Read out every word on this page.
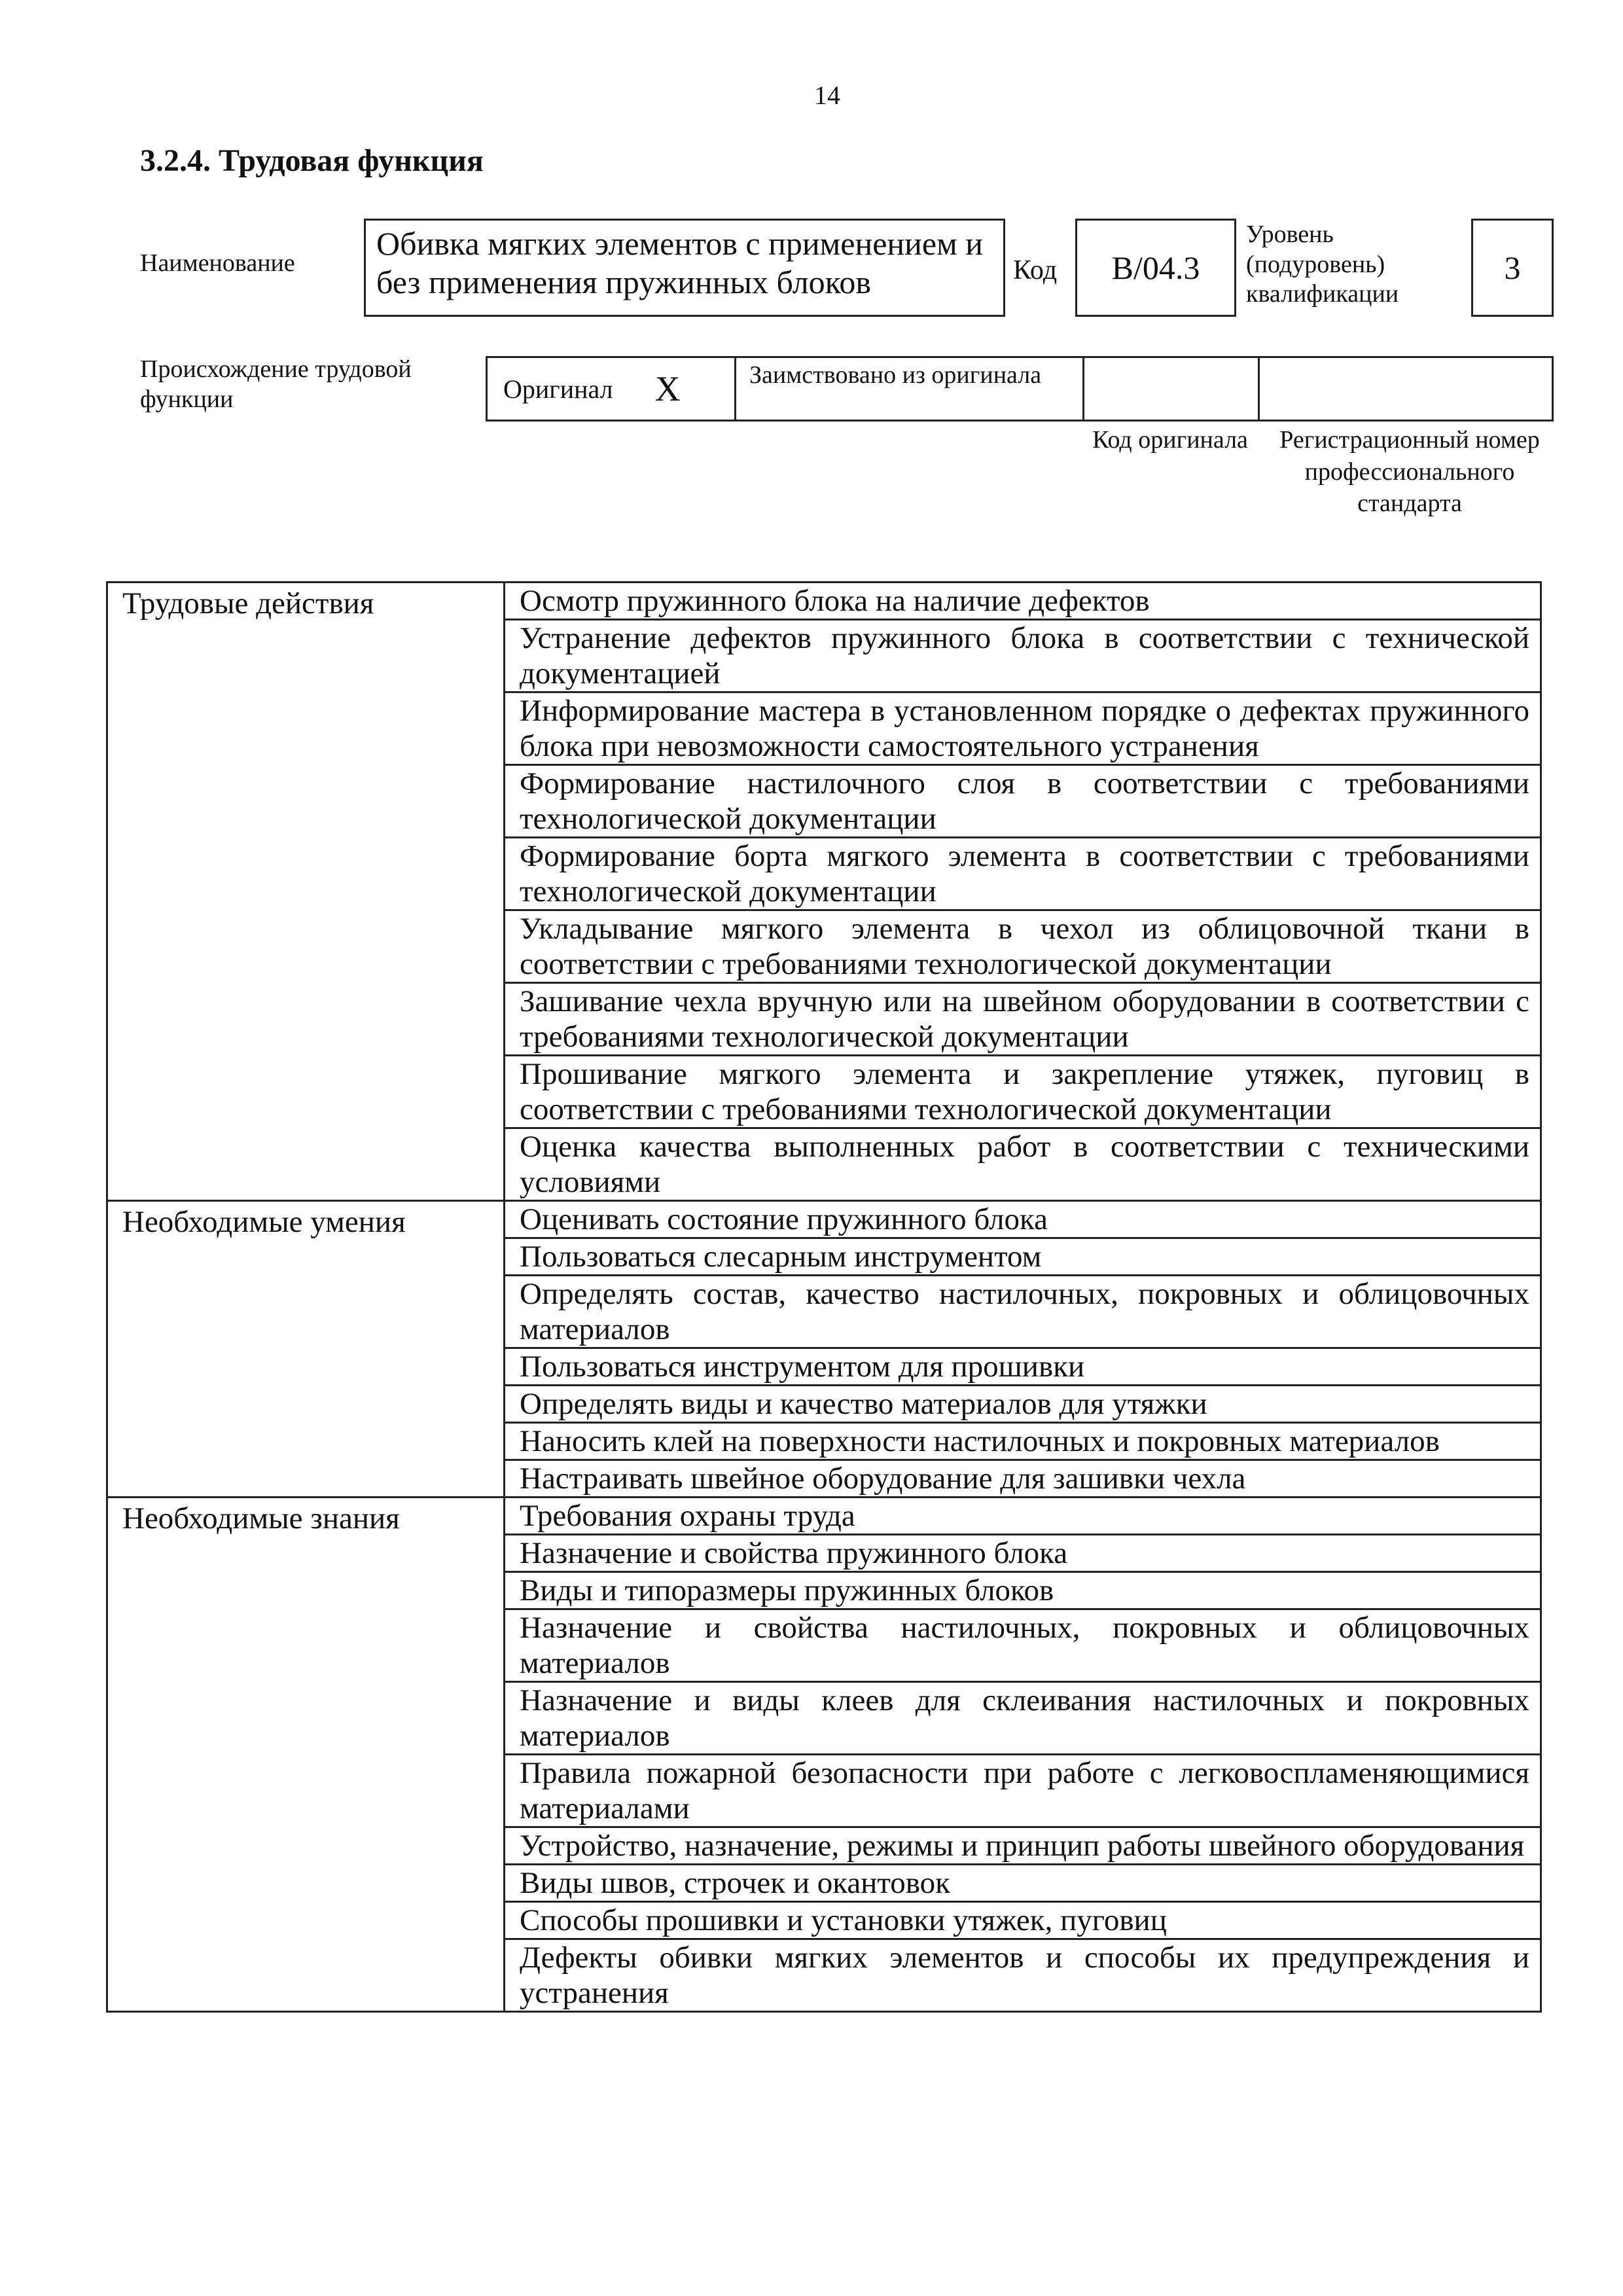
14
3.2.4. Трудовая функция
Наименование
Обивка мягких элементов с применением и без применения пружинных блоков	Код	В/04.3
Уровень (подуровень) квалификации
3
Происхождение трудовой функции	Оригинал Х	Заимствовано из оригинала
Код оригинала	Регистрационный номер профессионального стандарта
Трудовые действия	Осмотр пружинного блока на наличие дефектов
	Устранение дефектов пружинного блока в соответствии с технической документацией
	Информирование мастера в установленном порядке о дефектах пружинного блока при невозможности самостоятельного устранения
	Формирование настилочного слоя в соответствии с требованиями технологической документации
	Формирование борта мягкого элемента в соответствии с требованиями технологической документации
	Укладывание мягкого элемента в чехол из облицовочной ткани в соответствии с требованиями технологической документации
	Зашивание чехла вручную или на швейном оборудовании в соответствии с требованиями технологической документации
	Прошивание мягкого элемента и закрепление утяжек, пуговиц в соответствии с требованиями технологической документации
	Оценка качества выполненных работ в соответствии с техническими условиями
Необходимые умения	Оценивать состояние пружинного блока
	Пользоваться слесарным инструментом
	Определять состав, качество настилочных, покровных и облицовочных материалов
	Пользоваться инструментом для прошивки
	Определять виды и качество материалов для утяжки
	Наносить клей на поверхности настилочных и покровных материалов
	Настраивать швейное оборудование для зашивки чехла
Необходимые знания	Требования охраны труда
	Назначение и свойства пружинного блока
	Виды и типоразмеры пружинных блоков
	Назначение и свойства настилочных, покровных и облицовочных материалов
	Назначение и виды клеев для склеивания настилочных и покровных материалов
	Правила пожарной безопасности при работе с легковоспламеняющимися материалами
	Устройство, назначение, режимы и принцип работы швейного оборудования
	Виды швов, строчек и окантовок
	Способы прошивки и установки утяжек, пуговиц
	Дефекты обивки мягких элементов и способы их предупреждения и устранения
